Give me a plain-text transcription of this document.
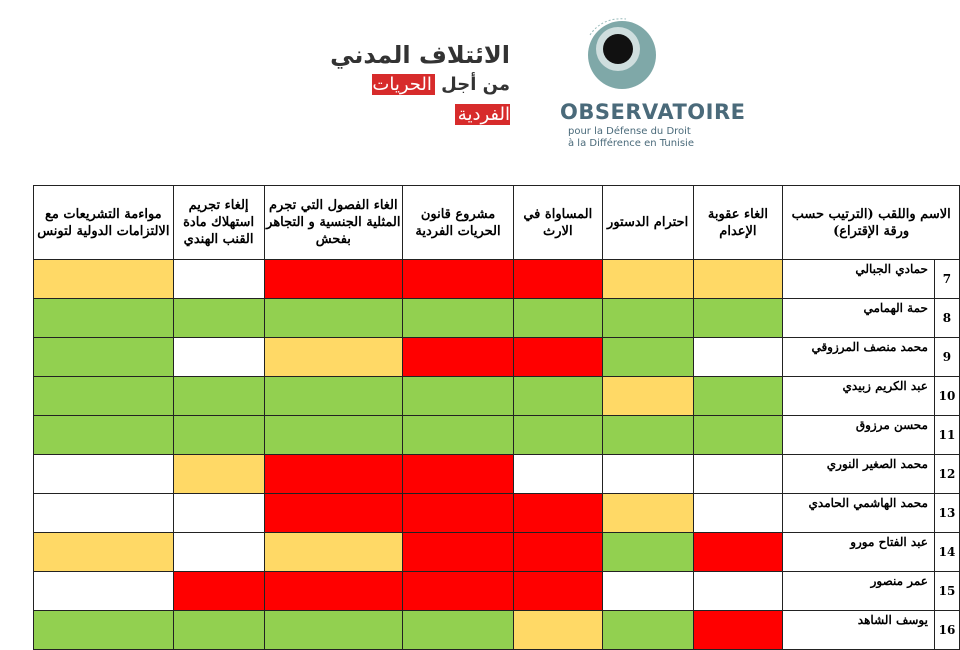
الائتلاف المدني
من أجل الحريات الفردية OBSERVATOIRE
pour la Défense du Droit
à la Différence en Tunisie
مواءمة التشريعات مع الالتزامات الدولية لتونس	إلغاء تجريم استهلاك مادة القنب الهندي	الغاء الفصول التي تجرم المثلية الجنسية و التجاهر بفحش	مشروع قانون الحريات الفردية	المساواة في الارث	احترام الدستور	الغاء عقوبة الإعدام	الاسم واللقب (الترتيب حسب ورقة الإقتراع)	
							حمادي الجبالي	7
							حمة الهمامي	8
							محمد منصف المرزوقي	9
							عبد الكريم زبيدي	10
							محسن مرزوق	11
							محمد الصغير النوري	12
							محمد الهاشمي الحامدي	13
							عبد الفتاح مورو	14
							عمر منصور	15
							يوسف الشاهد	16
